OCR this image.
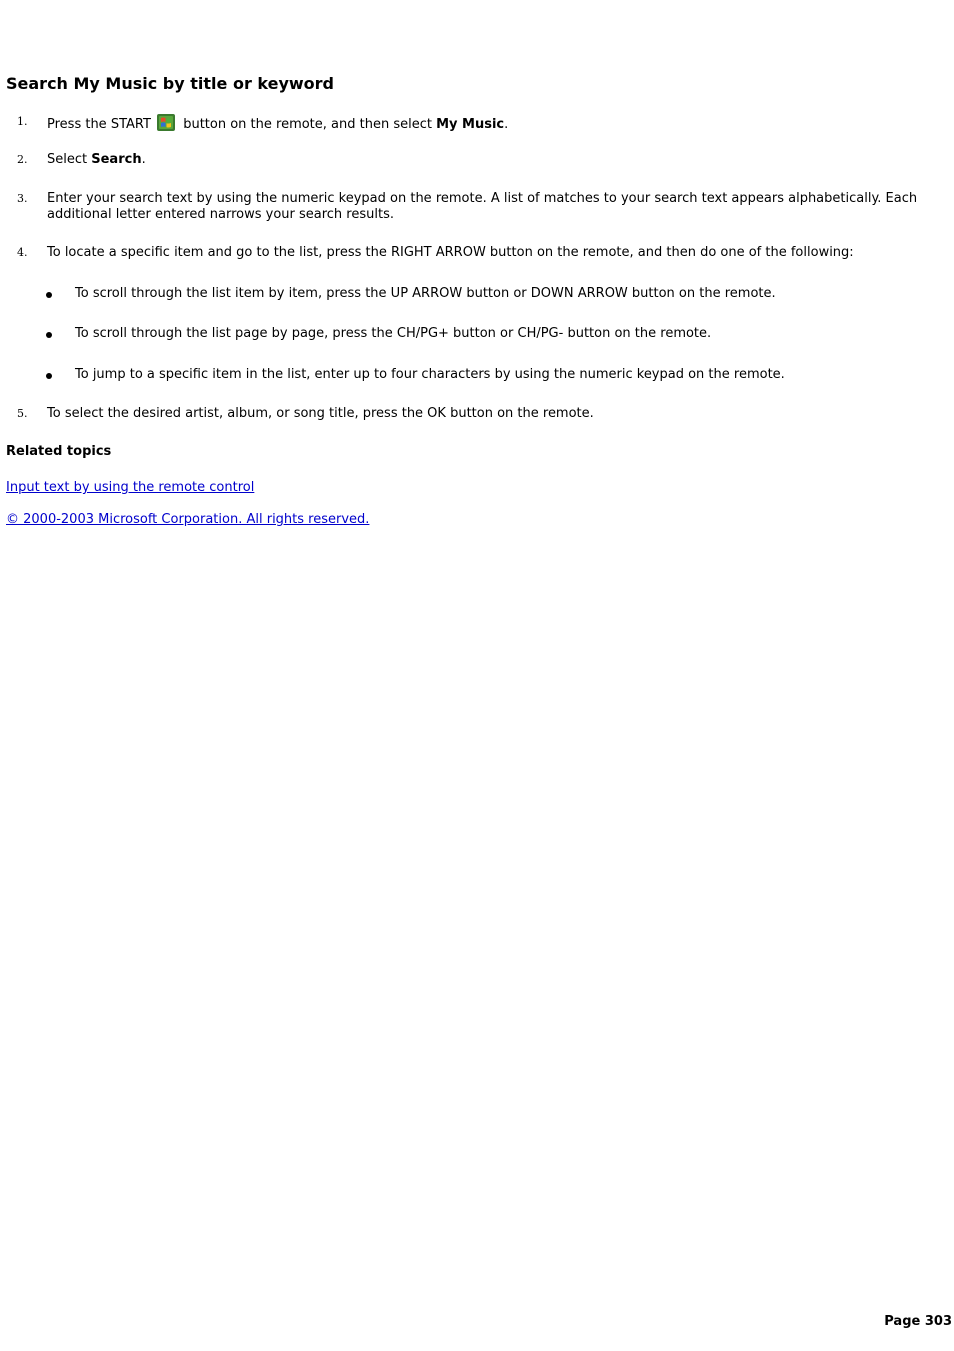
Search My Music by title or keyword
1. Press the START button on the remote, and then select My Music.
2. Select Search.
3. Enter your search text by using the numeric keypad on the remote. A list of matches to your search text appears alphabetically. Each additional letter entered narrows your search results.
4. To locate a specific item and go to the list, press the RIGHT ARROW button on the remote, and then do one of the following:
To scroll through the list item by item, press the UP ARROW button or DOWN ARROW button on the remote.
To scroll through the list page by page, press the CH/PG+ button or CH/PG- button on the remote.
To jump to a specific item in the list, enter up to four characters by using the numeric keypad on the remote.
5. To select the desired artist, album, or song title, press the OK button on the remote.
Related topics
Input text by using the remote control
© 2000-2003 Microsoft Corporation. All rights reserved.
Page 303
